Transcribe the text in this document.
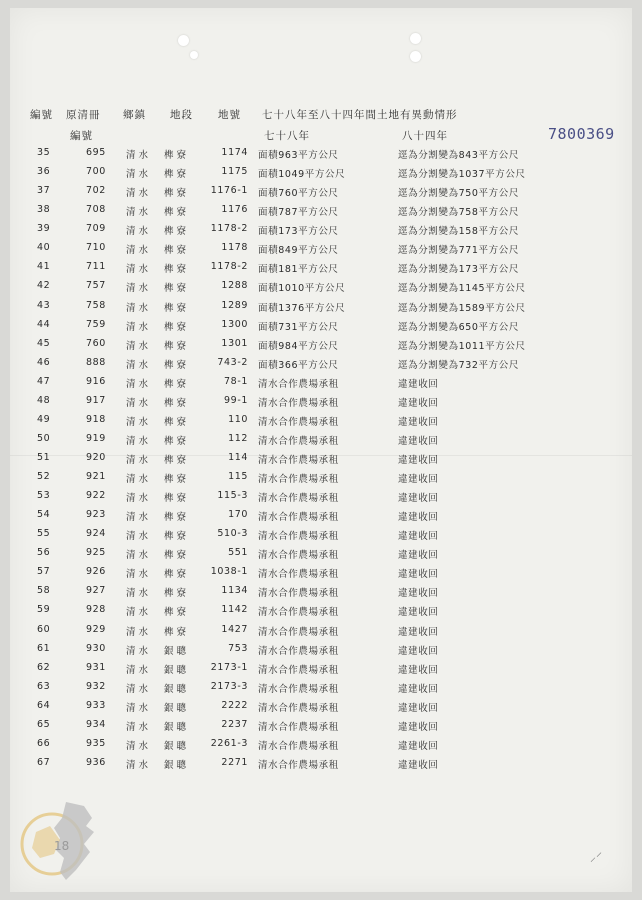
編號 原清冊 鄉鎮 地段 地號 七十八年至八十四年間土地有異動情形
編號	七十八年	八十四年	7800369
35	695 清水 榫寮	1174 面積963平方公尺	逕為分割變為843平方公尺
36	700 清水 榫寮	1175 面積1049平方公尺	逕為分割變為1037平方公尺
37	702 清水 榫寮 1176-1 面積760平方公尺	逕為分割變為750平方公尺
38	708 清水 榫寮	1176 面積787平方公尺	逕為分割變為758平方公尺
39	709 清水 榫寮 1178-2 面積173平方公尺	逕為分割變為158平方公尺
40	710 清水 榫寮	1178 面積849平方公尺	逕為分割變為771平方公尺
41	711 清水 榫寮 1178-2 面積181平方公尺	逕為分割變為173平方公尺
42	757 清水 榫寮	1288 面積1010平方公尺	逕為分割變為1145平方公尺
43	758 清水 榫寮	1289 面積1376平方公尺	逕為分割變為1589平方公尺
44	759 清水 榫寮	1300 面積731平方公尺	逕為分割變為650平方公尺
45	760 清水 榫寮	1301 面積984平方公尺	逕為分割變為1011平方公尺
46	888 清水 榫寮	743-2 面積366平方公尺	逕為分割變為732平方公尺
47	916 清水 榫寮	78-1 清水合作農場承租	違建收回
48	917 清水 榫寮	99-1 清水合作農場承租	違建收回
49	918 清水 榫寮	110 清水合作農場承租	違建收回
50	919 清水 榫寮	112 清水合作農場承租	違建收回
51	920 清水 榫寮	114 清水合作農場承租	違建收回
52	921 清水 榫寮	115 清水合作農場承租	違建收回
53	922 清水 榫寮	115-3 清水合作農場承租	違建收回
54	923 清水 榫寮	170 清水合作農場承租	違建收回
55	924 清水 榫寮	510-3 清水合作農場承租	違建收回
56	925 清水 榫寮	551 清水合作農場承租	違建收回
57	926 清水 榫寮 1038-1 清水合作農場承租	違建收回
58	927 清水 榫寮	1134 清水合作農場承租	違建收回
59	928 清水 榫寮	1142 清水合作農場承租	違建收回
60	929 清水 榫寮	1427 清水合作農場承租	違建收回
61	930 清水 銀聰	753 清水合作農場承租	違建收回
62	931 清水 銀聰 2173-1 清水合作農場承租	違建收回
63	932 清水 銀聰 2173-3 清水合作農場承租	違建收回
64	933 清水 銀聰	2222 清水合作農場承租	違建收回
65	934 清水 銀聰	2237 清水合作農場承租	違建收回
66	935 清水 銀聰 2261-3 清水合作農場承租	違建收回
67	936 清水 銀聰	2271 清水合作農場承租	違建收回
18
⸝⸍
